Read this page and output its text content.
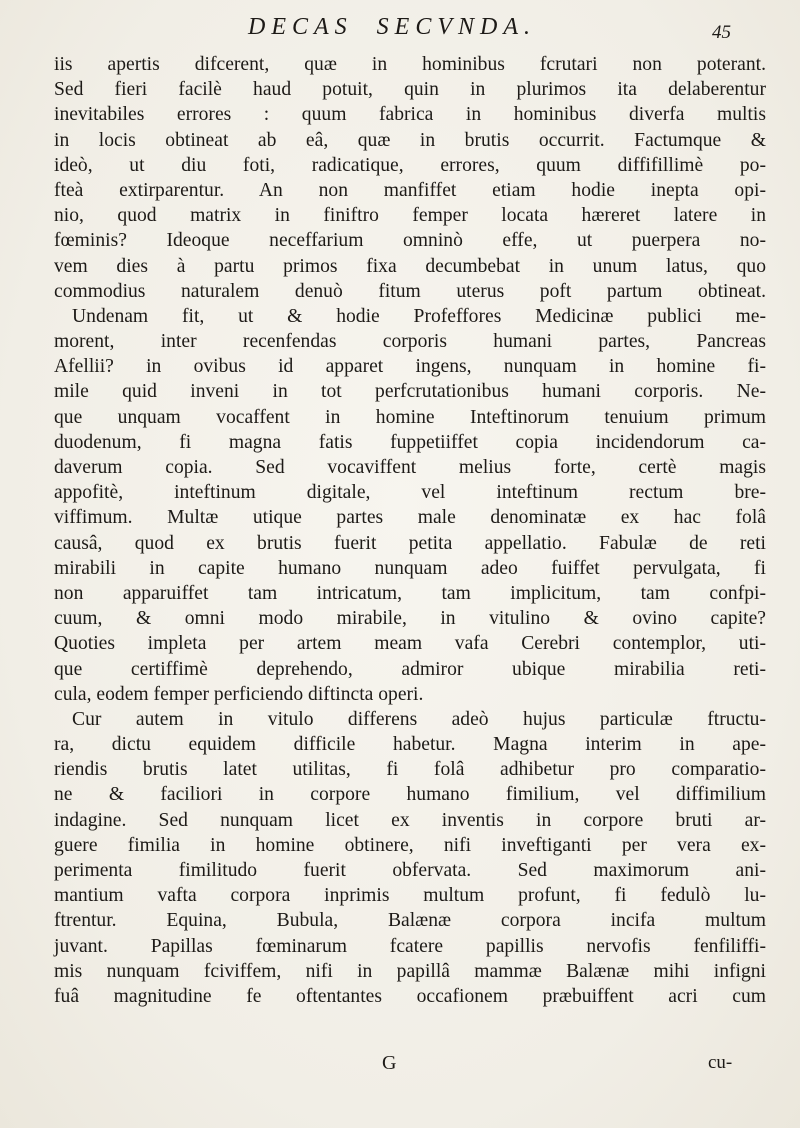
DECAS  SECVNDA.	45
iis apertis difcerent, quæ in hominibus fcrutari non poterant.
Sed fieri facilè haud potuit, quin in plurimos ita delaberentur
inevitabiles errores : quum fabrica in hominibus diverfa multis
in locis obtineat ab eâ, quæ in brutis occurrit. Factumque &
ideò, ut diu foti, radicatique, errores, quum diffifillimè po-
fteà extirparentur. An non manfiffet etiam hodie inepta opi-
nio, quod matrix in finiftro femper locata hæreret latere in
fœminis? Ideoque neceffarium omninò effe, ut puerpera no-
vem dies à partu primos fixa decumbebat in unum latus, quo
commodius naturalem denuò fitum uterus poft partum obtineat.
Undenam fit, ut & hodie Profeffores Medicinæ publici me-
morent, inter recenfendas corporis humani partes, Pancreas
Afellii? in ovibus id apparet ingens, nunquam in homine fi-
mile quid inveni in tot perfcrutationibus humani corporis. Ne-
que unquam vocaffent in homine Inteftinorum tenuium primum
duodenum, fi magna fatis fuppetiiffet copia incidendorum ca-
daverum copia. Sed vocaviffent melius forte, certè magis
appofitè, inteftinum digitale, vel inteftinum rectum bre-
viffimum. Multæ utique partes male denominatæ ex hac folâ
causâ, quod ex brutis fuerit petita appellatio. Fabulæ de reti
mirabili in capite humano nunquam adeo fuiffet pervulgata, fi
non apparuiffet tam intricatum, tam implicitum, tam confpi-
cuum, & omni modo mirabile, in vitulino & ovino capite?
Quoties impleta per artem meam vafa Cerebri contemplor, uti-
que certiffimè deprehendo, admiror ubique mirabilia reti-
cula, eodem femper perficiendo diftincta operi.
Cur autem in vitulo differens adeò hujus particulæ ftructu-
ra, dictu equidem difficile habetur. Magna interim in ape-
riendis brutis latet utilitas, fi folâ adhibetur pro comparatio-
ne & faciliori in corpore humano fimilium, vel diffimilium
indagine. Sed nunquam licet ex inventis in corpore bruti ar-
guere fimilia in homine obtinere, nifi inveftiganti per vera ex-
perimenta fimilitudo fuerit obfervata. Sed maximorum ani-
mantium vafta corpora inprimis multum profunt, fi fedulò lu-
ftrentur. Equina, Bubula, Balænæ corpora incifa multum
juvant. Papillas fœminarum fcatere papillis nervofis fenfiliffi-
mis nunquam fciviffem, nifi in papillâ mammæ Balænæ mihi infigni
fuâ magnitudine fe oftentantes occafionem præbuiffent acri cum
G	cu-
